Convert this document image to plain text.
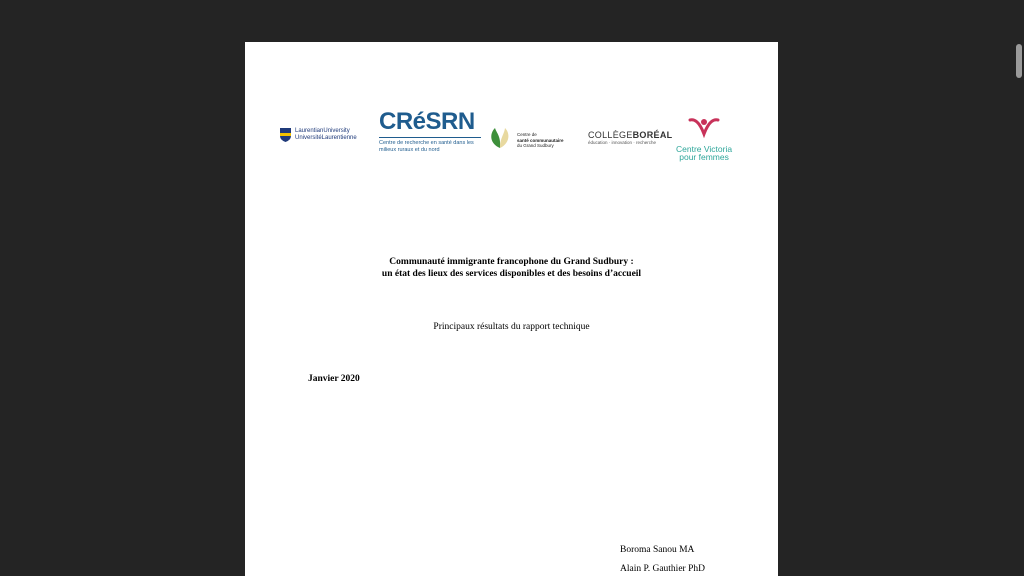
LaurentianUniversity
UniversitéLaurentienne
CRéSRN
Centre de recherche en santé dans les milieux ruraux et du nord
Centre de
santé communautaire
du Grand Sudbury
COLLÈGEBORÉAL
éducation · innovation · recherche
Centre Victoria
pour femmes
Communauté immigrante francophone du Grand Sudbury :
un état des lieux des services disponibles et des besoins d’accueil
Principaux résultats du rapport technique
Janvier 2020
Boroma Sanou MA
Alain P. Gauthier PhD
